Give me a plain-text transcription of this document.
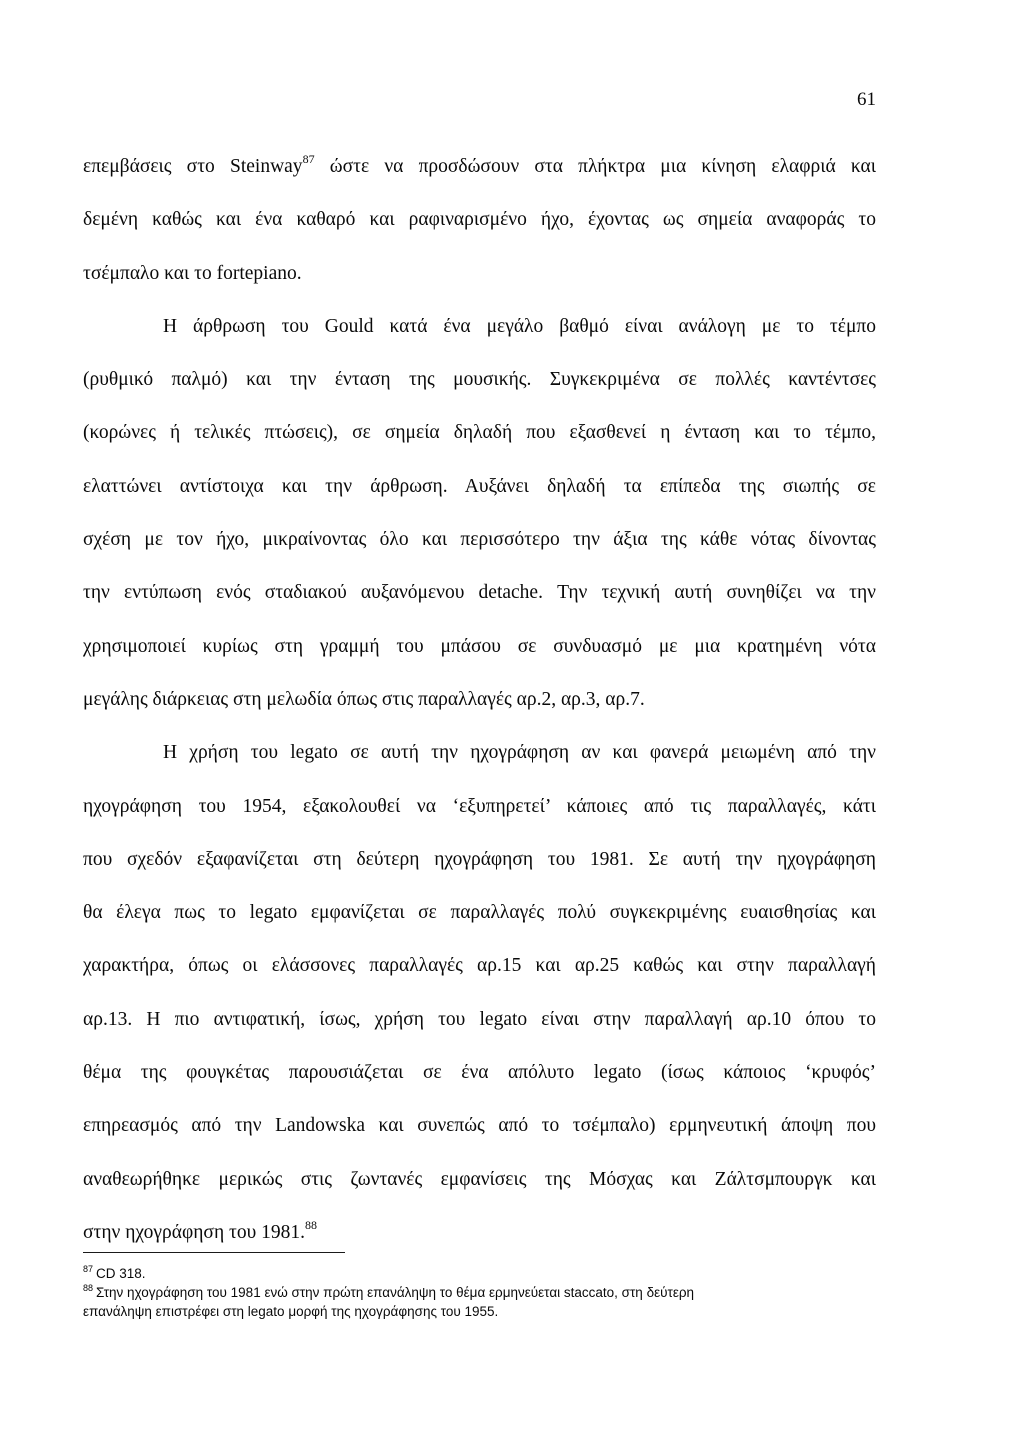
61
επεμβάσεις στο Steinway$^{87}$ ώστε να προσδώσουν στα πλήκτρα μια κίνηση ελαφριά και
δεμένη καθώς και ένα καθαρό και ραφιναρισμένο ήχο, έχοντας ως σημεία αναφοράς το
τσέμπαλο και το fortepiano.
Η άρθρωση του Gould κατά ένα μεγάλο βαθμό είναι ανάλογη με το τέμπο
(ρυθμικό παλμό) και την ένταση της μουσικής. Συγκεκριμένα σε πολλές καντέντσες
(κορώνες ή τελικές πτώσεις), σε σημεία δηλαδή που εξασθενεί η ένταση και το τέμπο,
ελαττώνει αντίστοιχα και την άρθρωση. Αυξάνει δηλαδή τα επίπεδα της σιωπής σε
σχέση με τον ήχο, μικραίνοντας όλο και περισσότερο την άξια της κάθε νότας δίνοντας
την εντύπωση ενός σταδιακού αυξανόμενου detache. Την τεχνική αυτή συνηθίζει να την
χρησιμοποιεί κυρίως στη γραμμή του μπάσου σε συνδυασμό με μια κρατημένη νότα
μεγάλης διάρκειας στη μελωδία όπως στις παραλλαγές αρ.2, αρ.3, αρ.7.
Η χρήση του legato σε αυτή την ηχογράφηση αν και φανερά μειωμένη από την
ηχογράφηση του 1954, εξακολουθεί να ‘εξυπηρετεί’ κάποιες από τις παραλλαγές, κάτι
που σχεδόν εξαφανίζεται στη δεύτερη ηχογράφηση του 1981. Σε αυτή την ηχογράφηση
θα έλεγα πως το legato εμφανίζεται σε παραλλαγές πολύ συγκεκριμένης ευαισθησίας και
χαρακτήρα, όπως οι ελάσσονες παραλλαγές αρ.15 και αρ.25 καθώς και στην παραλλαγή
αρ.13. Η πιο αντιφατική, ίσως, χρήση του legato είναι στην παραλλαγή αρ.10 όπου το
θέμα της φουγκέτας παρουσιάζεται σε ένα απόλυτο legato (ίσως κάποιος ‘κρυφός’
επηρεασμός από την Landowska και συνεπώς από το τσέμπαλο) ερμηνευτική άποψη που
αναθεωρήθηκε μερικώς στις ζωντανές εμφανίσεις της Μόσχας και Ζάλτσμπουργκ και
στην ηχογράφηση του 1981.88
$^{87}$ CD 318.
$^{88}$ Στην ηχογράφηση του 1981 ενώ στην πρώτη επανάληψη το θέμα ερμηνεύεται staccato, στη δεύτερη
επανάληψη επιστρέφει στη legato μορφή της ηχογράφησης του 1955.
